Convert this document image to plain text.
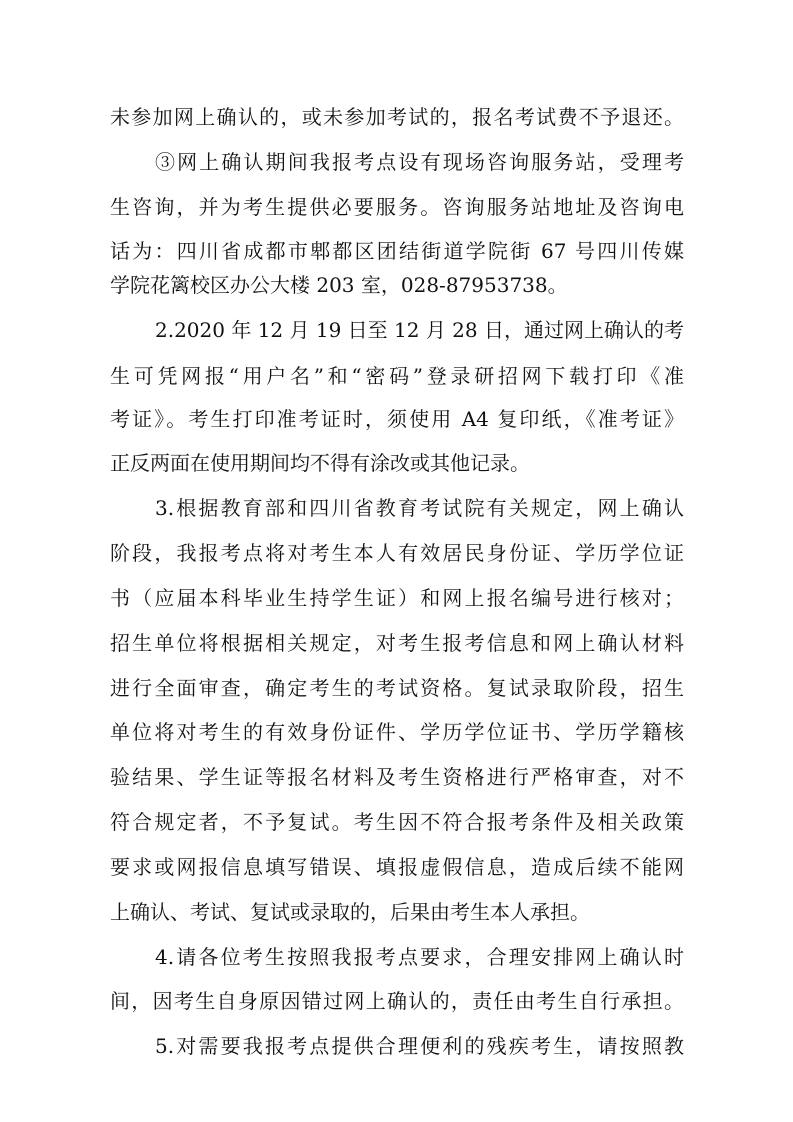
未参加网上确认的，或未参加考试的，报名考试费不予退还。
③网上确认期间我报考点设有现场咨询服务站，受理考
生咨询，并为考生提供必要服务。咨询服务站地址及咨询电
话为：四川省成都市郫都区团结街道学院街 67 号四川传媒
学院花篱校区办公大楼 203 室，028-87953738。
2.2020 年 12 月 19 日至 12 月 28 日，通过网上确认的考
生可凭网报“用户名”和“密码”登录研招网下载打印《准
考证》。考生打印准考证时，须使用 A4 复印纸，《准考证》
正反两面在使用期间均不得有涂改或其他记录。
3.根据教育部和四川省教育考试院有关规定，网上确认
阶段，我报考点将对考生本人有效居民身份证、学历学位证
书（应届本科毕业生持学生证）和网上报名编号进行核对；
招生单位将根据相关规定，对考生报考信息和网上确认材料
进行全面审查，确定考生的考试资格。复试录取阶段，招生
单位将对考生的有效身份证件、学历学位证书、学历学籍核
验结果、学生证等报名材料及考生资格进行严格审查，对不
符合规定者，不予复试。考生因不符合报考条件及相关政策
要求或网报信息填写错误、填报虚假信息，造成后续不能网
上确认、考试、复试或录取的，后果由考生本人承担。
4.请各位考生按照我报考点要求，合理安排网上确认时
间，因考生自身原因错过网上确认的，责任由考生自行承担。
5.对需要我报考点提供合理便利的残疾考生，请按照教
